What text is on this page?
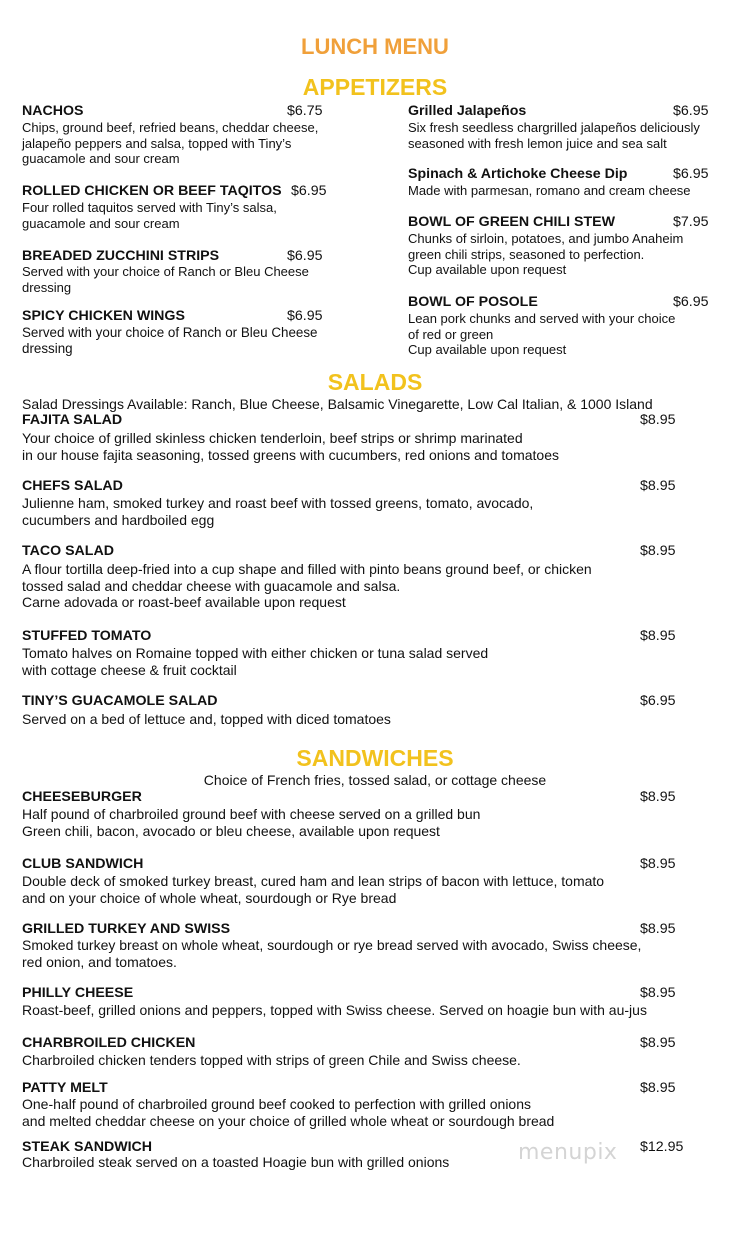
LUNCH MENU
APPETIZERS
NACHOS	$6.75
Chips, ground beef, refried beans, cheddar cheese,
jalapeño peppers and salsa, topped with Tiny’s
guacamole and sour cream
ROLLED CHICKEN OR BEEF TAQITOS $6.95
Four rolled taquitos served with Tiny’s salsa,
guacamole and sour cream
BREADED ZUCCHINI STRIPS	$6.95
Served with your choice of Ranch or Bleu Cheese
dressing
SPICY CHICKEN WINGS	$6.95
Served with your choice of Ranch or Bleu Cheese
dressing
Grilled Jalapeños	$6.95
Six fresh seedless chargrilled jalapeños deliciously
seasoned with fresh lemon juice and sea salt
Spinach & Artichoke Cheese Dip	$6.95
Made with parmesan, romano and cream cheese
BOWL OF GREEN CHILI STEW	$7.95
Chunks of sirloin, potatoes, and jumbo Anaheim
green chili strips, seasoned to perfection.
Cup available upon request
BOWL OF POSOLE	$6.95
Lean pork chunks and served with your choice
of red or green
Cup available upon request
SALADS
Salad Dressings Available: Ranch, Blue Cheese, Balsamic Vinegarette, Low Cal Italian, & 1000 Island
FAJITA SALAD	$8.95
Your choice of grilled skinless chicken tenderloin, beef strips or shrimp marinated
in our house fajita seasoning, tossed greens with cucumbers, red onions and tomatoes
CHEFS SALAD	$8.95
Julienne ham, smoked turkey and roast beef with tossed greens, tomato, avocado,
cucumbers and hardboiled egg
TACO SALAD	$8.95
A flour tortilla deep-fried into a cup shape and filled with pinto beans ground beef, or chicken
tossed salad and cheddar cheese with guacamole and salsa.
Carne adovada or roast-beef available upon request
STUFFED TOMATO	$8.95
Tomato halves on Romaine topped with either chicken or tuna salad served
with cottage cheese & fruit cocktail
TINY’S GUACAMOLE SALAD	$6.95
Served on a bed of lettuce and, topped with diced tomatoes
SANDWICHES
Choice of French fries, tossed salad, or cottage cheese
CHEESEBURGER	$8.95
Half pound of charbroiled ground beef with cheese served on a grilled bun
Green chili, bacon, avocado or bleu cheese, available upon request
CLUB SANDWICH	$8.95
Double deck of smoked turkey breast, cured ham and lean strips of bacon with lettuce, tomato
and on your choice of whole wheat, sourdough or Rye bread
GRILLED TURKEY AND SWISS	$8.95
Smoked turkey breast on whole wheat, sourdough or rye bread served with avocado, Swiss cheese,
red onion, and tomatoes.
PHILLY CHEESE	$8.95
Roast-beef, grilled onions and peppers, topped with Swiss cheese. Served on hoagie bun with au-jus
CHARBROILED CHICKEN	$8.95
Charbroiled chicken tenders topped with strips of green Chile and Swiss cheese.
PATTY MELT	$8.95
One-half pound of charbroiled ground beef cooked to perfection with grilled onions
and melted cheddar cheese on your choice of grilled whole wheat or sourdough bread
STEAK SANDWICH	$12.95
Charbroiled steak served on a toasted Hoagie bun with grilled onions	menupix
